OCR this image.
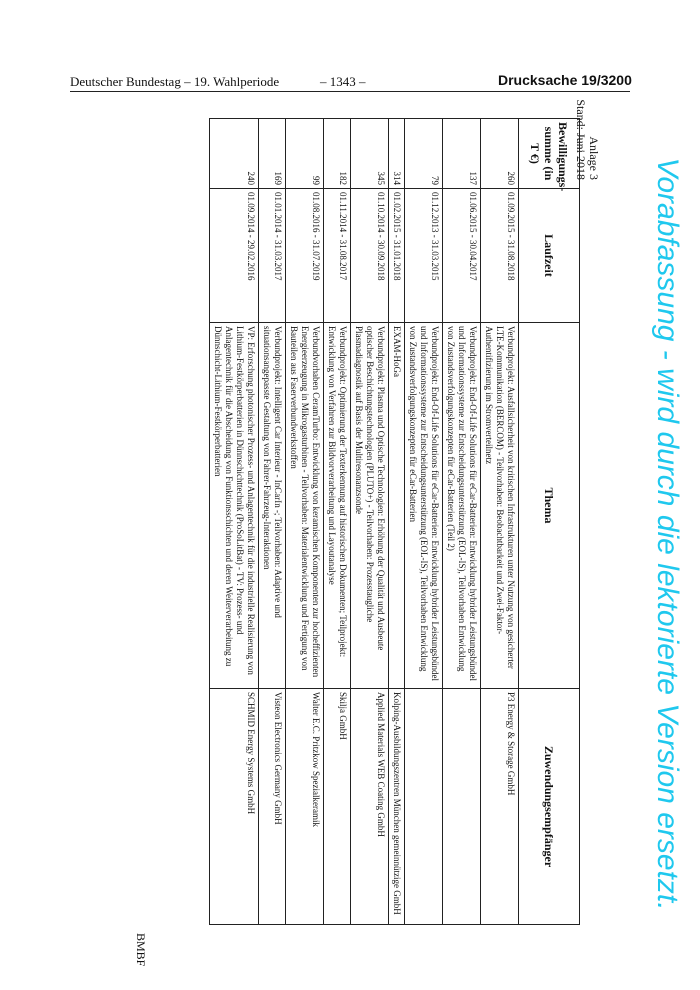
Deutscher Bundestag – 19. Wahlperiode	– 1343 –	Drucksache 19/3200
Vorabfassung - wird durch die lektorierte Version ersetzt.
Anlage 3
Stand: Juni 2018
BMBF
Bewilligungs-summe (in T €)	Laufzeit	Thema	Zuwendungsempfänger
260	01.09.2015 - 31.08.2018	Verbundprojekt: Ausfallsicherheit von kritischen Infrastrukturen unter Nutzung von gesicherter LTE-Kommunikation (BERCOM) - Teilvorhaben: Beobachtbarkeit und Zwei-Faktor-Authentifizierung im Stromverteilnetz	P3 Energy & Storage GmbH
137	01.06.2015 - 30.04.2017	Verbundprojekt: End-Of-Life Solutions für eCar-Batterien: Entwicklung hybrider Leistungsbündel und Informationssysteme zur Entscheidungsunterstützung (EOL-IS), Teilvorhaben Entwicklung von Zustandsverfolgungskonzepten für eCar-Batterien (Teil 2)	
79	01.12.2013 - 31.03.2015	Verbundprojekt: End-Of-Life Solutions für eCar-Batterien: Entwicklung hybrider Leistungsbündel und Informationssysteme zur Entscheidungsunterstützung (EOL-IS), Teilvorhaben Entwicklung von Zustandsverfolgungskonzepten für eCar-Batterien	
314	01.02.2015 - 31.01.2018	EXAM-HoGa	Kolping-Ausbildungszentren München gemeinnützige GmbH
345	01.10.2014 - 30.09.2018	Verbundprojekt: Plasma und Optische Technologien: Erhöhung der Qualität und Ausbeute optischer Beschichtungstechnologien (PLUTO+) - Teilvorhaben: Prozesstaugliche Plasmadiagnostik auf Basis der Multiresonanzsonde	Applied Materials WEB Coating GmbH
182	01.11.2014 - 31.08.2017	Verbundprojekt: Optimierung der Texterkennung auf historischen Dokumenten; Teilprojekt: Entwicklung von Verfahren zur Bildvorverarbeitung und Layoutanalyse	Skilja GmbH
99	01.08.2016 - 31.07.2019	Verbundvorhaben CeramTurbo: Entwicklung von keramischen Komponenten zur hocheffizienten Energieerzeugung in Mikrogasturbinen - Teilvorhaben: Materialentwicklung und Fertigung von Bauteilen aus Faserverbundwerkstoffen	Walter E.C. Pritzkow Spezialkeramik
169	01.01.2014 - 31.03.2017	Verbundprojekt: Intelligent Car Interieur - InCarIn -; Teilvorhaben: Adaptive und situationsangepasste Gestaltung von Fahrer-Fahrzeug-Interaktionen	Visteon Electronics Germany GmbH
240	01.09.2014 - 29.02.2016	VP: Erforschung photonischer Prozess- und Anlagentechnik für die industrielle Realisierung von Lithium-Festkörperbatterien in Dünnschichttechnik (ProSoLitBat) - TV: Prozess- und Anlagentechnik für die Abscheidung von Funktionsschichten und deren Weiterverarbeitung zu Dünnschicht-Lithium-Festkörperbatterien	SCHMID Energy Systems GmbH
